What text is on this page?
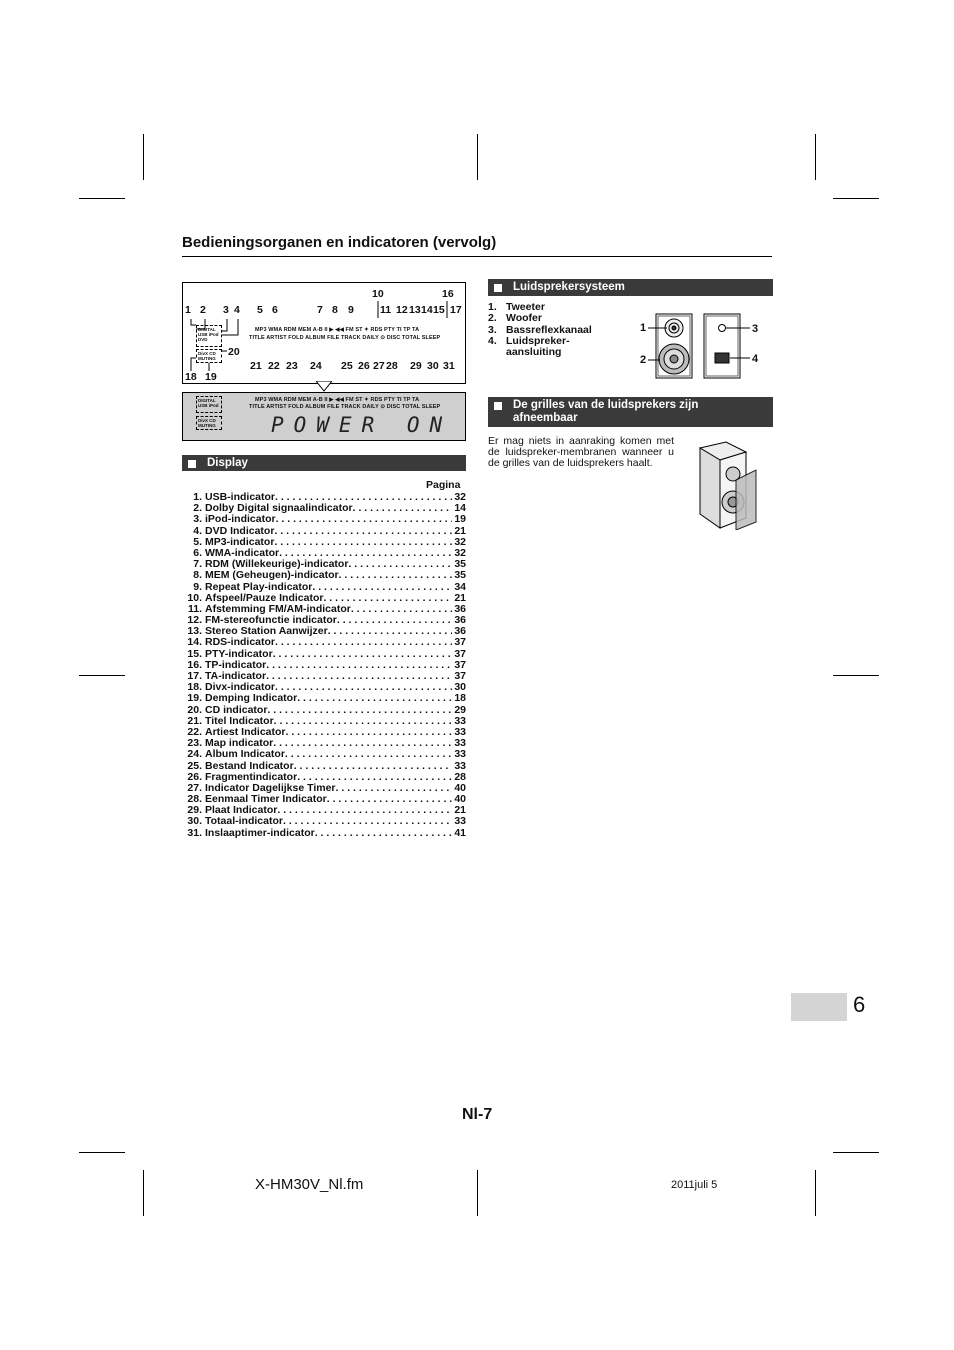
Bedieningsorganen en indicatoren (vervolg)
1 2 3 4 5 6	7 8 9
10
11 12 13 14 15
16
17
MP3 WMA RDM MEM A-B II ▶ ◀◀ FM ST ✦ RDS PTY TI TP TA
TITLE ARTIST FOLD ALBUM FILE TRACK DAILY ⊙ DISC TOTAL SLEEP
DIGITAL
USB iPod
DVD
DivX CD
MUTING
18 19
20
21 22 23 24 25 26 27 28 29 30 31
MP3 WMA RDM MEM A-B II ▶ ◀◀ FM ST ✦ RDS PTY TI TP TA
TITLE ARTIST FOLD ALBUM FILE TRACK DAILY ⊙ DISC TOTAL SLEEP
DIGITAL
USB iPod
DivX CD
MUTING	POWER ON
Display
Pagina
1. USB-indicator . . .	32
2. Dolby Digital signaalindicator . . .	14
3. iPod-indicator . . .	19
4. DVD Indicator . . .	21
5. MP3-indicator . . .	32
6. WMA-indicator . . .	32
7. RDM (Willekeurige)-indicator . . .	35
8. MEM (Geheugen)-indicator . . .	35
9. Repeat Play-indicator . . .	34
10. Afspeel/Pauze Indicator . . .	21
11. Afstemming FM/AM-indicator . . .	36
12. FM-stereofunctie indicator . . .	36
13. Stereo Station Aanwijzer . . .	36
14. RDS-indicator . . .	37
15. PTY-indicator . . .	37
16. TP-indicator . . .	37
17. TA-indicator . . .	37
18. Divx-indicator . . .	30
19. Demping Indicator . . .	18
20. CD indicator . . .	29
21. Titel Indicator . . .	33
22. Artiest Indicator . . .	33
23. Map indicator . . .	33
24. Album Indicator . . .	33
25. Bestand Indicator . . .	33
26. Fragmentindicator . . .	28
27. Indicator Dagelijkse Timer . . .	40
28. Eenmaal Timer Indicator . . .	40
29. Plaat Indicator . . .	21
30. Totaal-indicator . . .	33
31. Inslaaptimer-indicator . . .	41
Luidsprekersysteem
1. Tweeter
2. Woofer
3. Bassreflexkanaal
4. Luidspreker-
aansluiting
1
2
3
4
De grilles van de luidsprekers zijn
afneembaar
Er mag niets in aanraking komen met de luidspreker-membranen wanneer u de grilles van de luidsprekers haalt.
6
Nl-7
X-HM30V_Nl.fm	2011juli 5
